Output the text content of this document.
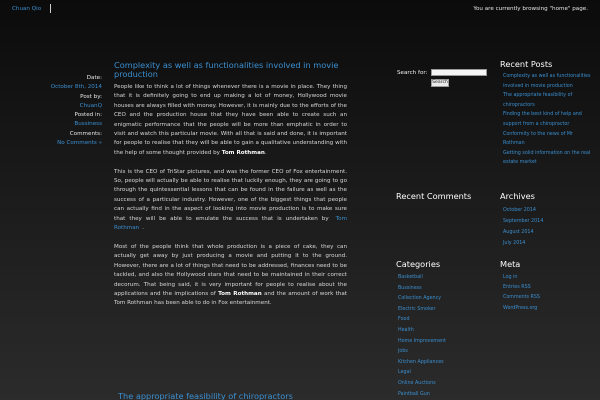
Chuan Qio	You are currently browsing "home" page.
Date:
October 8th, 2014
Post by:
ChuanQ
Posted in:
Bussiness
Comments:
No Comments »
Complexity as well as functionalities involved in movie production

People like to think a lot of things whenever there is a movie in place. They thing that it is definitely going to end up making a lot of money, Hollywood movie houses are always filled with money. However, it is mainly due to the efforts of the CEO and the production house that they have been able to create such an enigmatic performance that the people will be more than emphatic in order to visit and watch this particular movie. With all that is said and done, it is important for people to realise that they will be able to gain a qualitative understanding with the help of some thought provided by Tom Rothman.

This is the CEO of TriStar pictures, and was the former CEO of Fox entertainment. So, people will actually be able to realise that luckily enough, they are going to go through the quintessential lessons that can be found in the failure as well as the success of a particular industry. However, one of the biggest things that people can actually find in the aspect of looking into movie production is to make sure that they will be able to emulate the success that is undertaken by Tom Rothman .

Most of the people think that whole production is a piece of cake, they can actually get away by just producing a movie and putting it to the ground. However, there are a lot of things that need to be addressed, finances need to be tackled, and also the Hollywood stars that need to be maintained in their correct decorum. That being said, it is very important for people to realise about the applications and the implications of Tom Rothman and the amount of work that Tom Rothman has been able to do in Fox entertainment.

The appropriate feasibility of chiropractors
Search for:
Search
Recent Posts
Complexity as well as functionalities involved in movie production
The appropriate feasibility of chiropractors
Finding the best kind of help and support from a chiropractor
Conformity to the news of Mr Rothman
Getting solid information on the real estate market
Recent Comments	Archives
October 2014
September 2014
August 2014
July 2014
Categories
Basketball
Bussiness
Collection Agency
Electric Smoker
Food
Health
Home Improvement
Jobs
Kitchen Appliances
Legal
Online Auctions
Paintball Gun
Meta
Log in
Entries RSS
Comments RSS
WordPress.org
